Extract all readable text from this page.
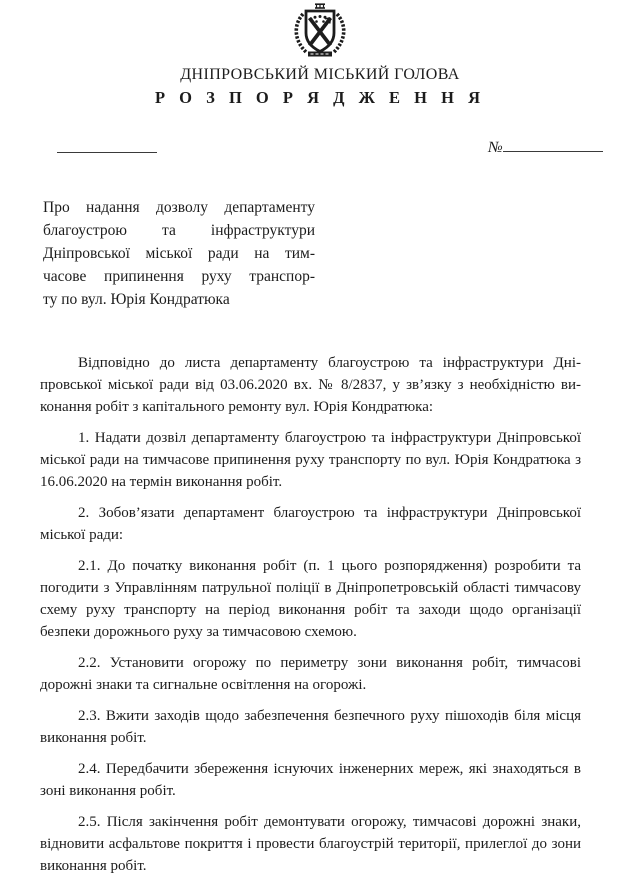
ДНІПРОВСЬКИЙ МІСЬКИЙ ГОЛОВА
Р О З П О Р Я Д Ж Е Н Н Я
№
Про надання дозволу департаменту
благоустрою та інфраструктури
Дніпровської міської ради на тим-
часове припинення руху транспор-
ту по вул. Юрія Кондратюка

Відповідно до листа департаменту благоустрою та інфраструктури Дніпровської міської ради від 03.06.2020 вх. № 8/2837, у зв’язку з необхідністю виконання робіт з капітального ремонту вул. Юрія Кондратюка:

1. Надати дозвіл департаменту благоустрою та інфраструктури Дніпровської міської ради на тимчасове припинення руху транспорту по вул. Юрія Кондратюка з 16.06.2020 на термін виконання робіт.

2. Зобов’язати департамент благоустрою та інфраструктури Дніпровської міської ради:

2.1. До початку виконання робіт (п. 1 цього розпорядження) розробити та погодити з Управлінням патрульної поліції в Дніпропетровській області тимчасову схему руху транспорту на період виконання робіт та заходи щодо організації безпеки дорожнього руху за тимчасовою схемою.

2.2. Установити огорожу по периметру зони виконання робіт, тимчасові дорожні знаки та сигнальне освітлення на огорожі.

2.3. Вжити заходів щодо забезпечення безпечного руху пішоходів біля місця виконання робіт.

2.4. Передбачити збереження існуючих інженерних мереж, які знаходяться в зоні виконання робіт.

2.5. Після закінчення робіт демонтувати огорожу, тимчасові дорожні знаки, відновити асфальтове покриття і провести благоустрій території, прилеглої до зони виконання робіт.
